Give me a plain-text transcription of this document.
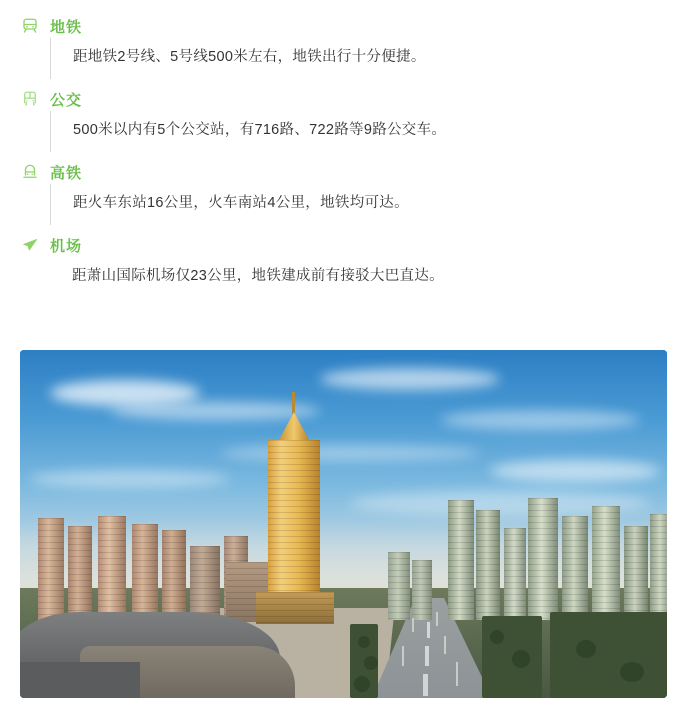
地铁
距地铁2号线、5号线500米左右，地铁出行十分便捷。
公交
500米以内有5个公交站，有716路、722路等9路公交车。
高铁
距火车东站16公里，火车南站4公里，地铁均可达。
机场
距萧山国际机场仅23公里，地铁建成前有接驳大巴直达。
